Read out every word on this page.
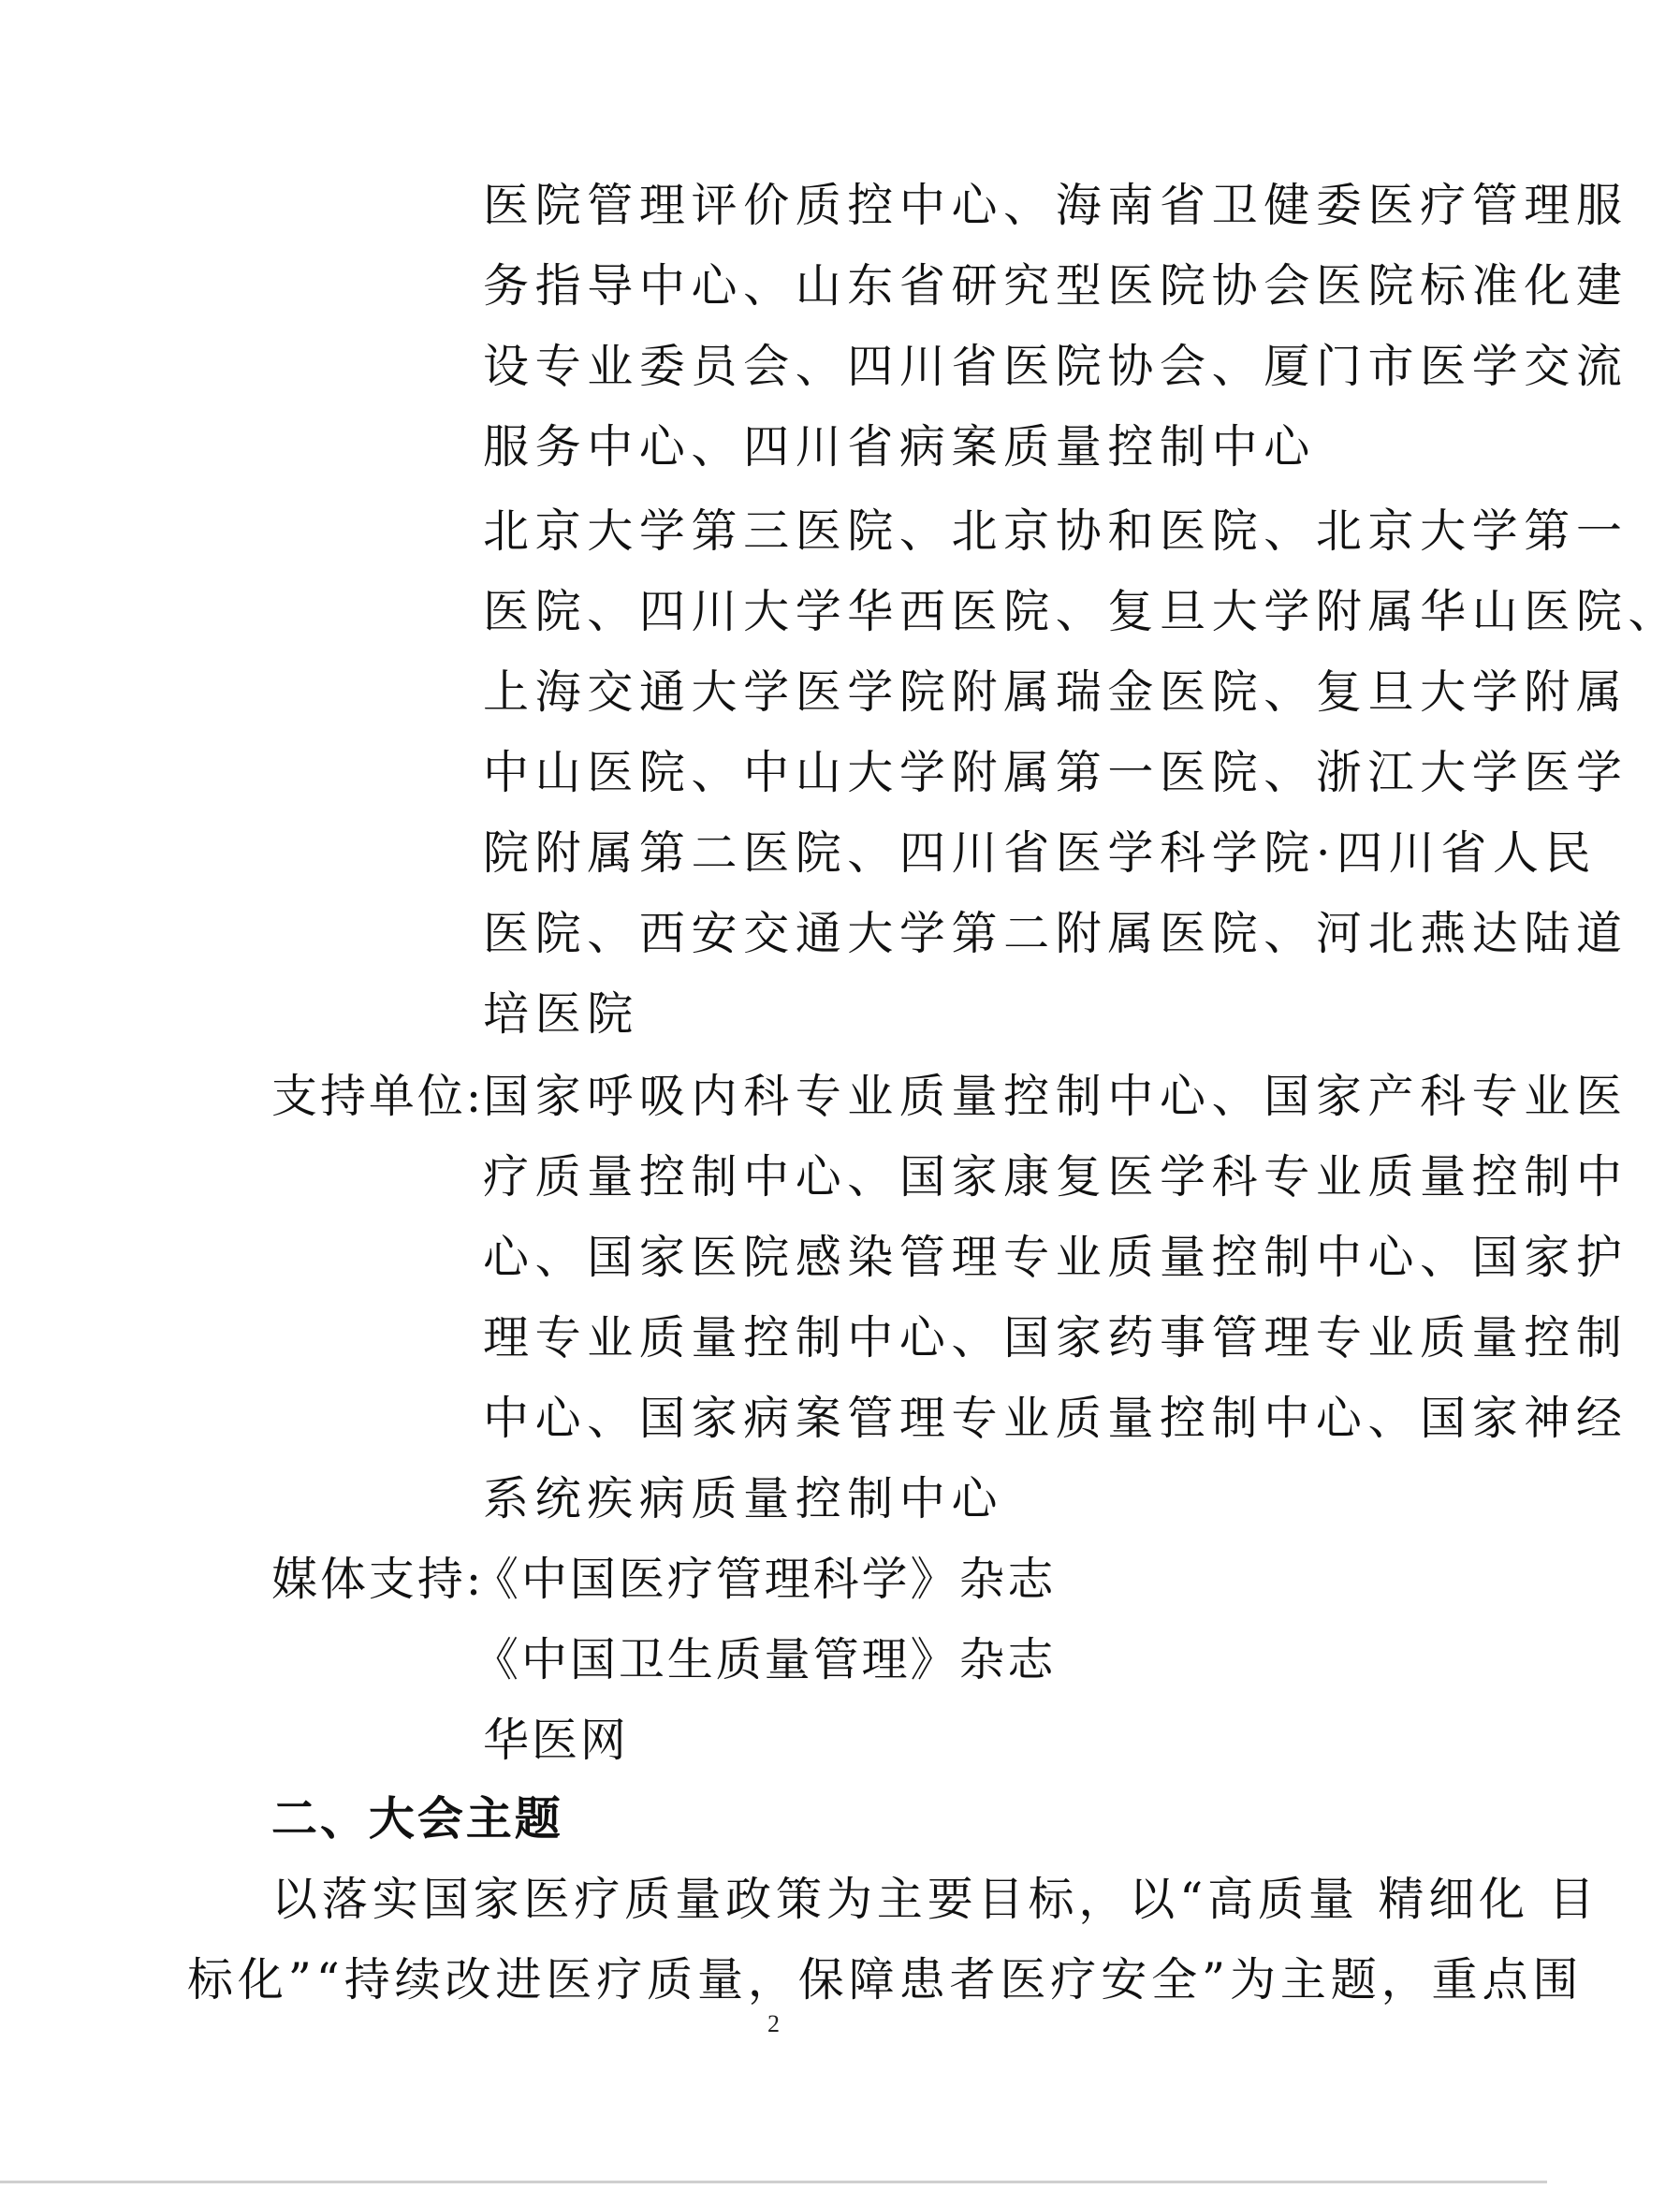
医院管理评价质控中心、海南省卫健委医疗管理服
务指导中心、山东省研究型医院协会医院标准化建
设专业委员会、四川省医院协会、厦门市医学交流
服务中心、四川省病案质量控制中心
北京大学第三医院、北京协和医院、北京大学第一
医院、四川大学华西医院、复旦大学附属华山医院、
上海交通大学医学院附属瑞金医院、复旦大学附属
中山医院、中山大学附属第一医院、浙江大学医学
院附属第二医院、四川省医学科学院·四川省人民
医院、西安交通大学第二附属医院、河北燕达陆道
培医院
支持单位:
国家呼吸内科专业质量控制中心、国家产科专业医
疗质量控制中心、国家康复医学科专业质量控制中
心、国家医院感染管理专业质量控制中心、国家护
理专业质量控制中心、国家药事管理专业质量控制
中心、国家病案管理专业质量控制中心、国家神经
系统疾病质量控制中心
媒体支持:
《中国医疗管理科学》杂志
《中国卫生质量管理》杂志
华医网
二、大会主题
以落实国家医疗质量政策为主要目标，以“高质量 精细化 目
标化”“持续改进医疗质量，保障患者医疗安全”为主题，重点围
2
